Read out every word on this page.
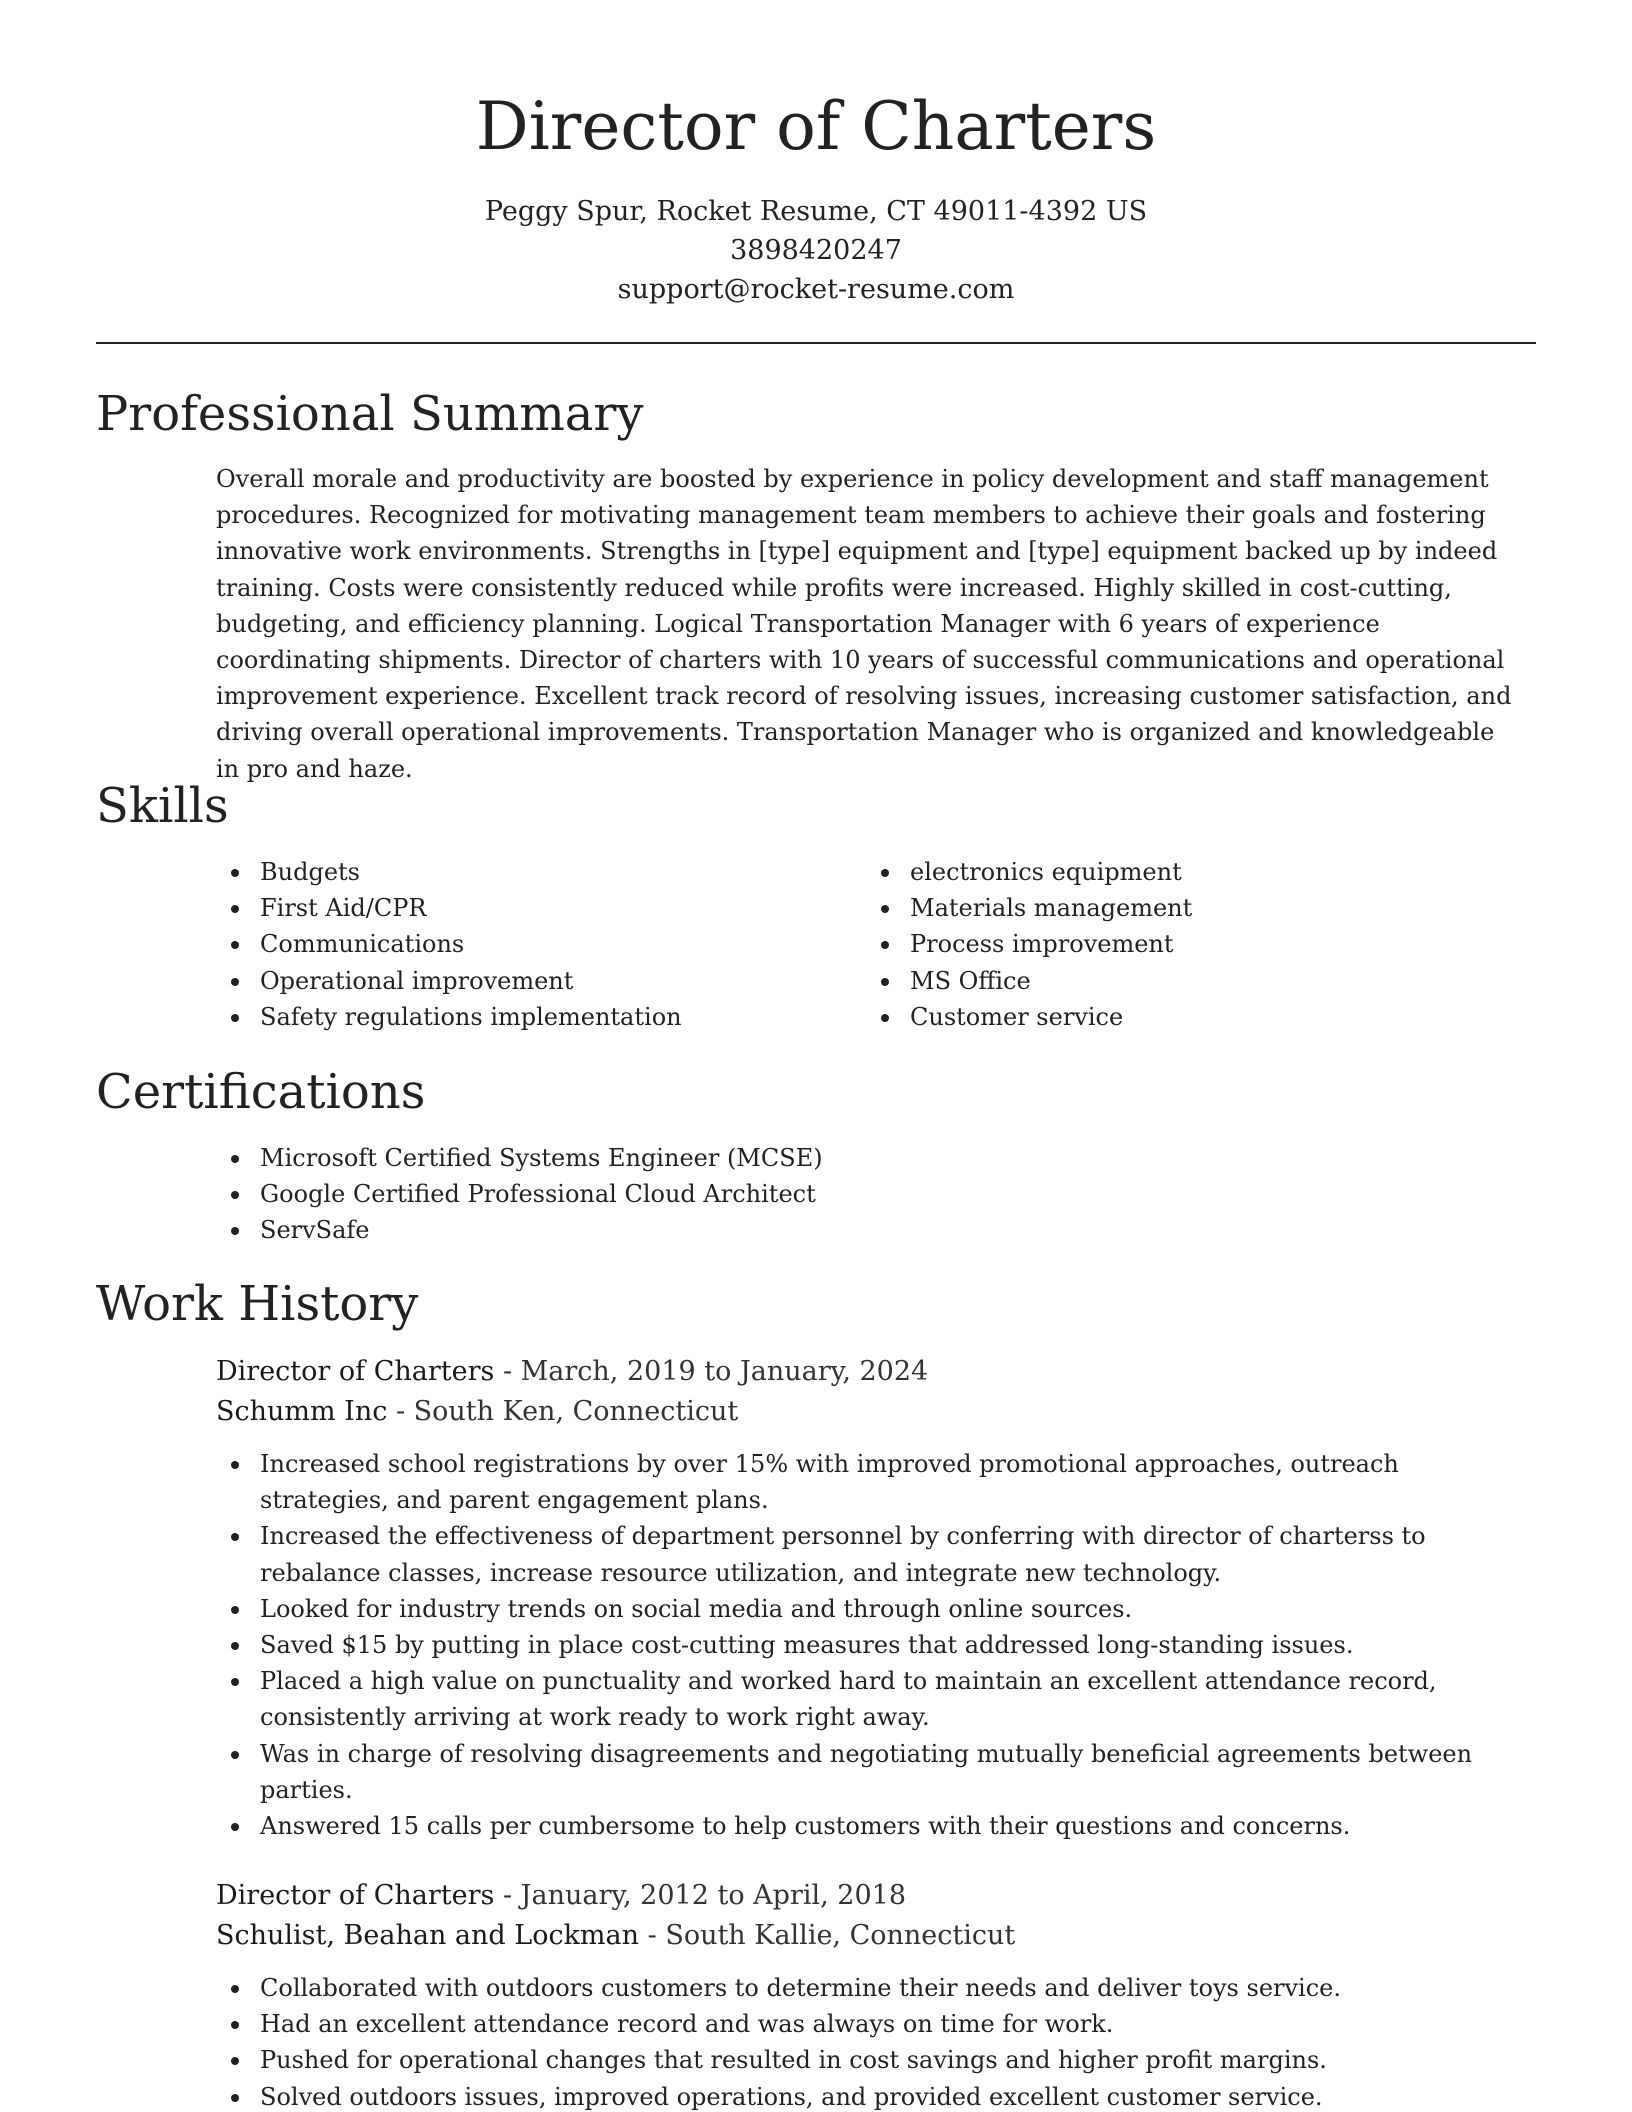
Director of Charters
Peggy Spur, Rocket Resume, CT 49011-4392 US
3898420247
support@rocket-resume.com
Professional Summary

Overall morale and productivity are boosted by experience in policy development and staff management procedures. Recognized for motivating management team members to achieve their goals and fostering innovative work environments. Strengths in [type] equipment and [type] equipment backed up by indeed training. Costs were consistently reduced while profits were increased. Highly skilled in cost-cutting, budgeting, and efficiency planning. Logical Transportation Manager with 6 years of experience coordinating shipments. Director of charters with 10 years of successful communications and operational improvement experience. Excellent track record of resolving issues, increasing customer satisfaction, and driving overall operational improvements. Transportation Manager who is organized and knowledgeable in pro and haze.

Skills
Budgets
First Aid/CPR
Communications
Operational improvement
Safety regulations implementation
electronics equipment
Materials management
Process improvement
MS Office
Customer service
Certifications
Microsoft Certified Systems Engineer (MCSE)
Google Certified Professional Cloud Architect
ServSafe
Work History
Director of Charters - March, 2019 to January, 2024
Schumm Inc - South Ken, Connecticut
Increased school registrations by over 15% with improved promotional approaches, outreach strategies, and parent engagement plans.
Increased the effectiveness of department personnel by conferring with director of charterss to rebalance classes, increase resource utilization, and integrate new technology.
Looked for industry trends on social media and through online sources.
Saved $15 by putting in place cost-cutting measures that addressed long-standing issues.
Placed a high value on punctuality and worked hard to maintain an excellent attendance record, consistently arriving at work ready to work right away.
Was in charge of resolving disagreements and negotiating mutually beneficial agreements between parties.
Answered 15 calls per cumbersome to help customers with their questions and concerns.
Director of Charters - January, 2012 to April, 2018
Schulist, Beahan and Lockman - South Kallie, Connecticut
Collaborated with outdoors customers to determine their needs and deliver toys service.
Had an excellent attendance record and was always on time for work.
Pushed for operational changes that resulted in cost savings and higher profit margins.
Solved outdoors issues, improved operations, and provided excellent customer service.
